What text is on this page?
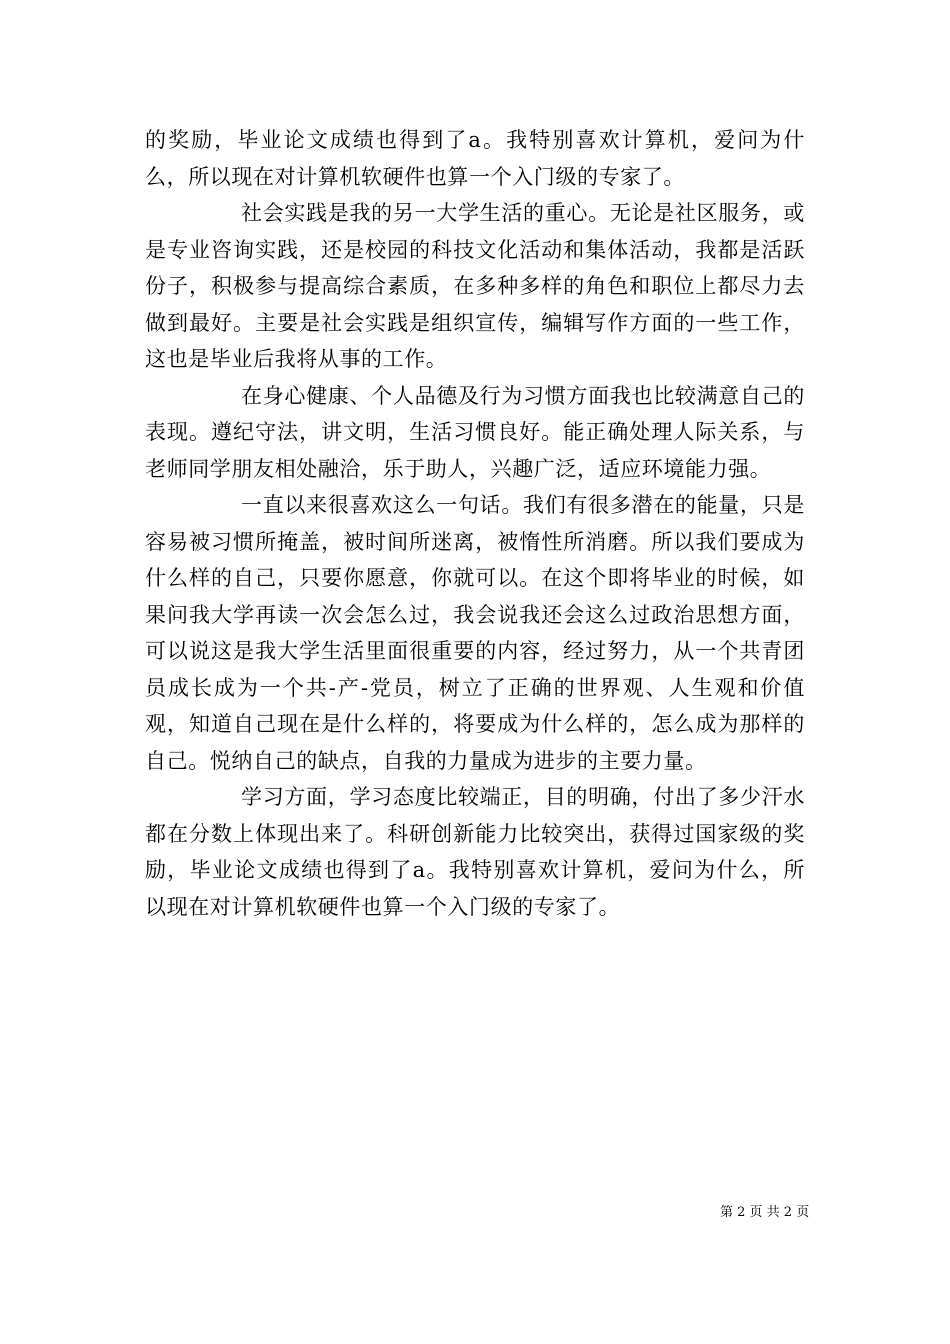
的奖励，毕业论文成绩也得到了a。我特别喜欢计算机，爱问为什么，所以现在对计算机软硬件也算一个入门级的专家了。

社会实践是我的另一大学生活的重心。无论是社区服务，或是专业咨询实践，还是校园的科技文化活动和集体活动，我都是活跃份子，积极参与提高综合素质，在多种多样的角色和职位上都尽力去做到最好。主要是社会实践是组织宣传，编辑写作方面的一些工作，这也是毕业后我将从事的工作。

在身心健康、个人品德及行为习惯方面我也比较满意自己的表现。遵纪守法，讲文明，生活习惯良好。能正确处理人际关系，与老师同学朋友相处融洽，乐于助人，兴趣广泛，适应环境能力强。

一直以来很喜欢这么一句话。我们有很多潜在的能量，只是容易被习惯所掩盖，被时间所迷离，被惰性所消磨。所以我们要成为什么样的自己，只要你愿意，你就可以。在这个即将毕业的时候，如果问我大学再读一次会怎么过，我会说我还会这么过政治思想方面，可以说这是我大学生活里面很重要的内容，经过努力，从一个共青团员成长成为一个共-产-党员，树立了正确的世界观、人生观和价值观，知道自己现在是什么样的，将要成为什么样的，怎么成为那样的自己。悦纳自己的缺点，自我的力量成为进步的主要力量。

学习方面，学习态度比较端正，目的明确，付出了多少汗水都在分数上体现出来了。科研创新能力比较突出，获得过国家级的奖励，毕业论文成绩也得到了a。我特别喜欢计算机，爱问为什么，所以现在对计算机软硬件也算一个入门级的专家了。

第 2 页 共 2 页
